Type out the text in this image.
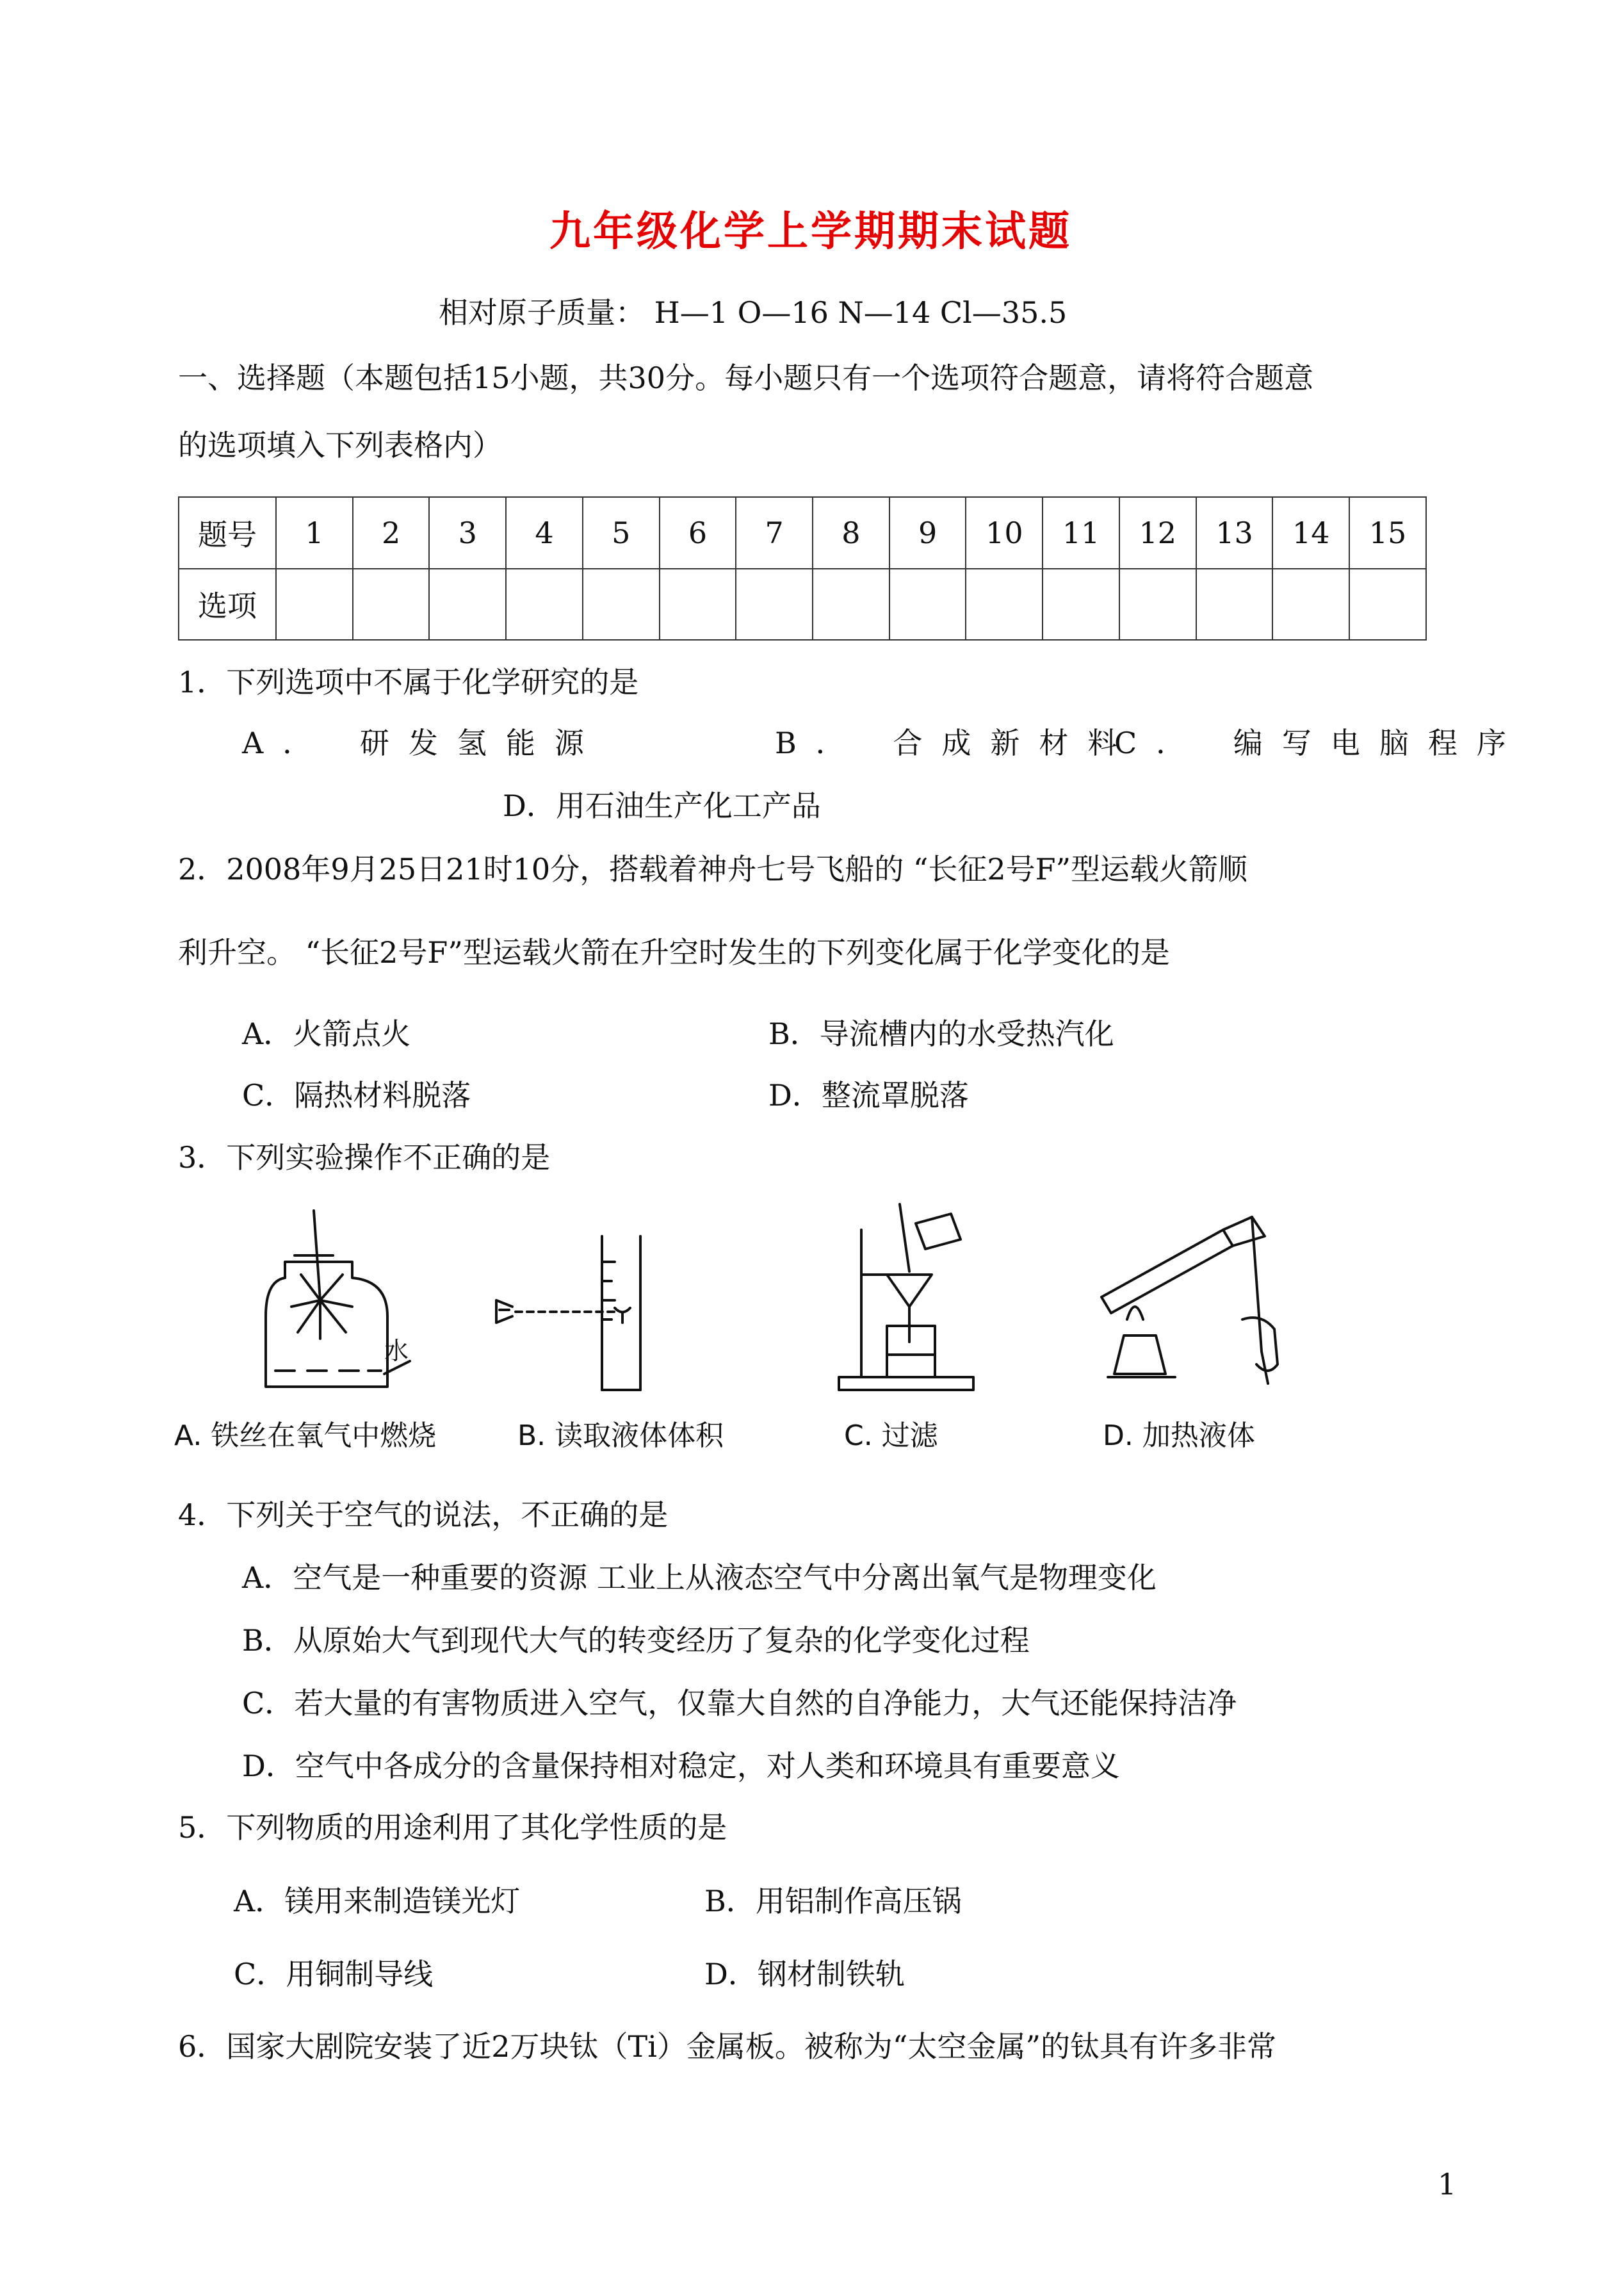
九年级化学上学期期末试题
相对原子质量： H—1 O—16 N—14 Cl—35.5
一、选择题（本题包括15小题，共30分。每小题只有一个选项符合题意，请将符合题意
的选项填入下列表格内）
题号	1	2	3	4	5	6	7	8	9	10	11	12	13	14	15
选项															
1．下列选项中不属于化学研究的是
A． 研发氢能源	B． 合成新材料
C． 编写电脑程序
D．用石油生产化工产品
2．2008年9月25日21时10分，搭载着神舟七号飞船的 “长征2号F”型运载火箭顺
利升空。 “长征2号F”型运载火箭在升空时发生的下列变化属于化学变化的是
A．火箭点火	B．导流槽内的水受热汽化
C．隔热材料脱落	D．整流罩脱落
3．下列实验操作不正确的是
水
A. 铁丝在氧气中燃烧	B. 读取液体体积	C. 过滤	D. 加热液体
4．下列关于空气的说法，不正确的是
A．空气是一种重要的资源 工业上从液态空气中分离出氧气是物理变化
B．从原始大气到现代大气的转变经历了复杂的化学变化过程
C．若大量的有害物质进入空气，仅靠大自然的自净能力，大气还能保持洁净
D．空气中各成分的含量保持相对稳定，对人类和环境具有重要意义
5．下列物质的用途利用了其化学性质的是
A．镁用来制造镁光灯	B．用铝制作高压锅
C．用铜制导线	D．钢材制铁轨
6．国家大剧院安装了近2万块钛（Ti）金属板。被称为“太空金属”的钛具有许多非常
1
